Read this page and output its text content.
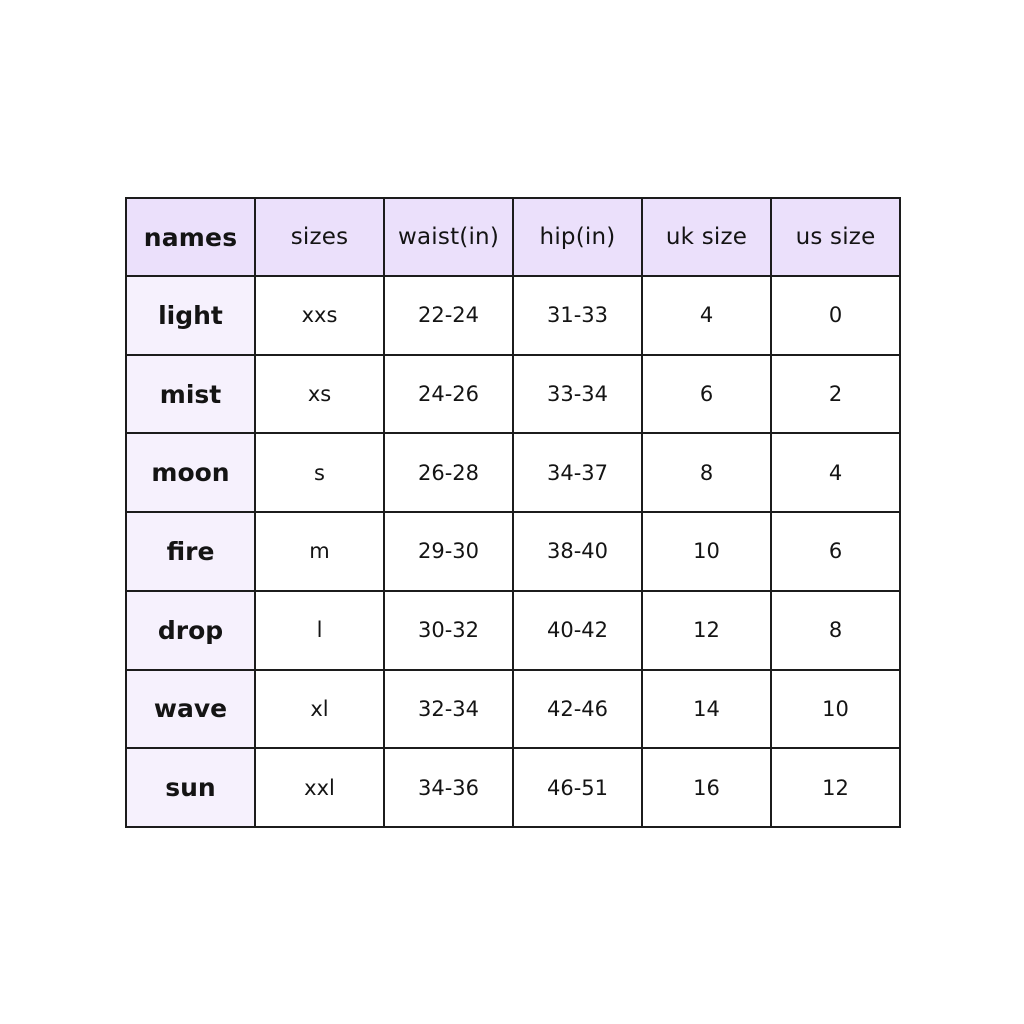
names	sizes	waist(in)	hip(in)	uk size	us size
light	xxs	22-24	31-33	4	0
mist	xs	24-26	33-34	6	2
moon	s	26-28	34-37	8	4
fire	m	29-30	38-40	10	6
drop	l	30-32	40-42	12	8
wave	xl	32-34	42-46	14	10
sun	xxl	34-36	46-51	16	12
